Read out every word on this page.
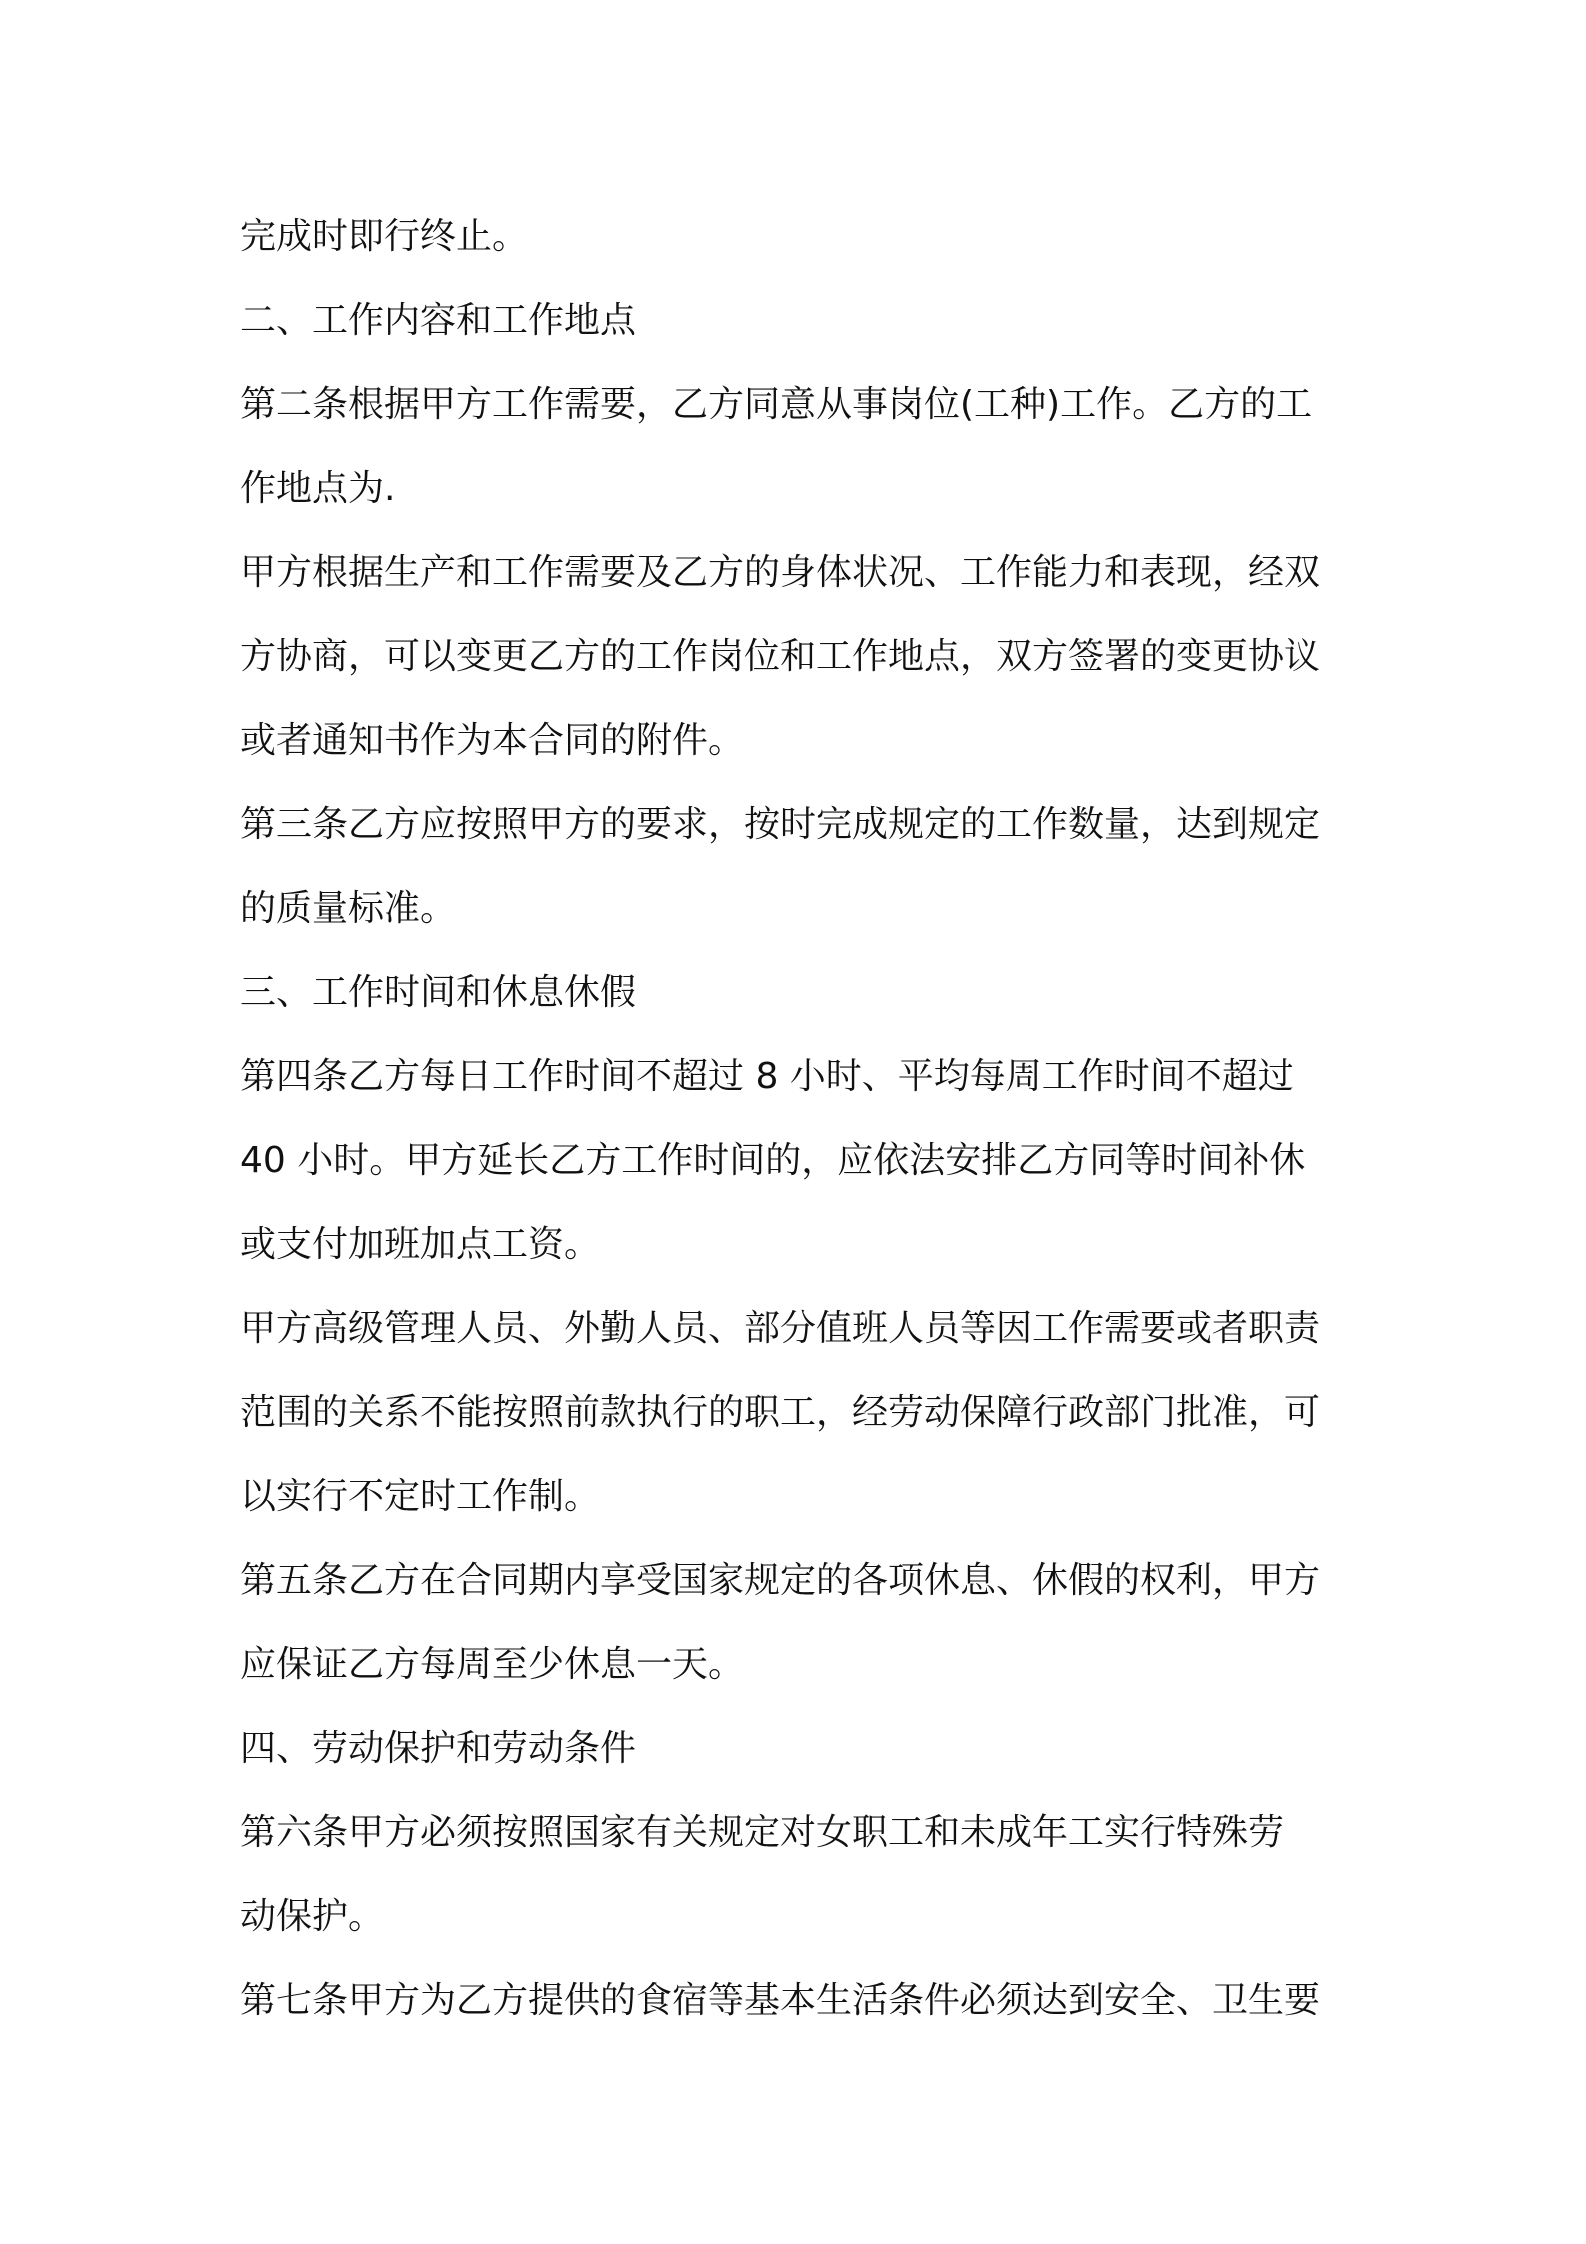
完成时即行终止。
二、工作内容和工作地点
第二条根据甲方工作需要，乙方同意从事岗位(工种)工作。乙方的工
作地点为.
甲方根据生产和工作需要及乙方的身体状况、工作能力和表现，经双
方协商，可以变更乙方的工作岗位和工作地点，双方签署的变更协议
或者通知书作为本合同的附件。
第三条乙方应按照甲方的要求，按时完成规定的工作数量，达到规定
的质量标准。
三、工作时间和休息休假
第四条乙方每日工作时间不超过 8 小时、平均每周工作时间不超过
40 小时。甲方延长乙方工作时间的，应依法安排乙方同等时间补休
或支付加班加点工资。
甲方高级管理人员、外勤人员、部分值班人员等因工作需要或者职责
范围的关系不能按照前款执行的职工，经劳动保障行政部门批准，可
以实行不定时工作制。
第五条乙方在合同期内享受国家规定的各项休息、休假的权利，甲方
应保证乙方每周至少休息一天。
四、劳动保护和劳动条件
第六条甲方必须按照国家有关规定对女职工和未成年工实行特殊劳
动保护。
第七条甲方为乙方提供的食宿等基本生活条件必须达到安全、卫生要
